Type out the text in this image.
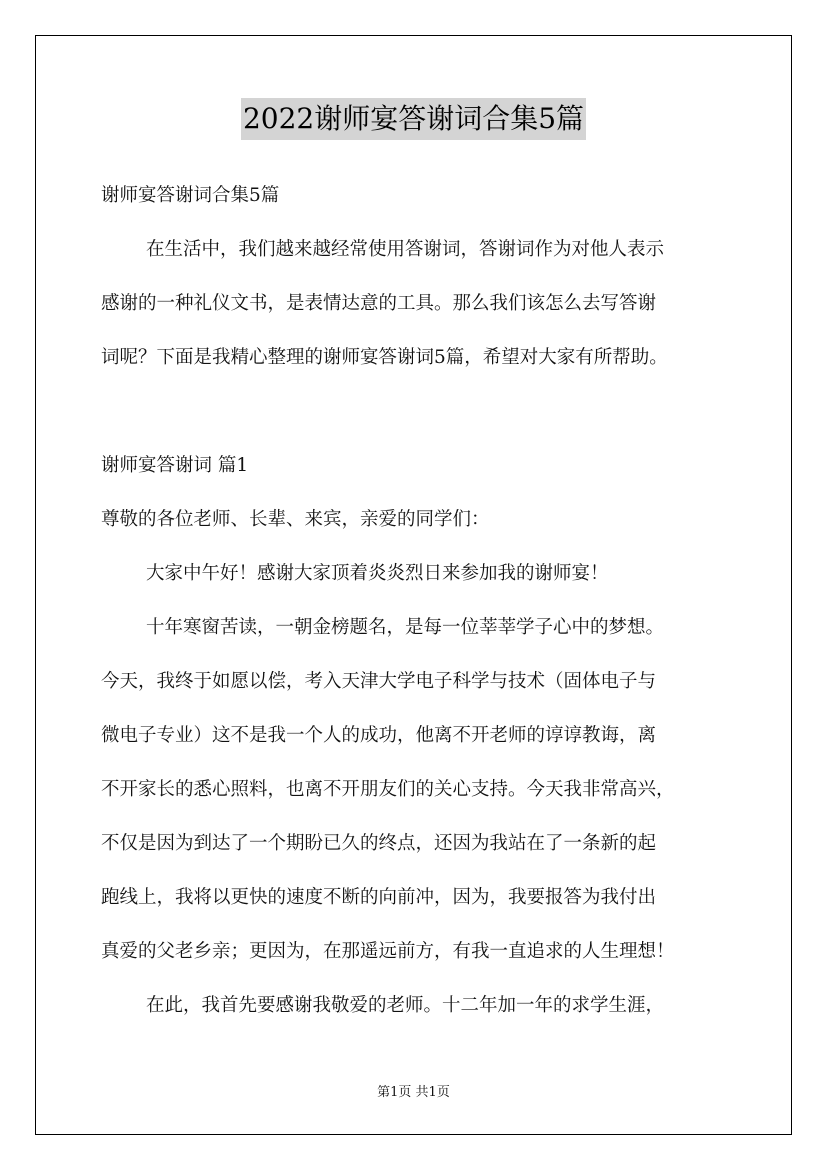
2022谢师宴答谢词合集5篇
谢师宴答谢词合集5篇
在生活中，我们越来越经常使用答谢词，答谢词作为对他人表示
感谢的一种礼仪文书，是表情达意的工具。那么我们该怎么去写答谢
词呢？下面是我精心整理的谢师宴答谢词5篇，希望对大家有所帮助。
谢师宴答谢词 篇1
尊敬的各位老师、长辈、来宾，亲爱的同学们：
大家中午好！感谢大家顶着炎炎烈日来参加我的谢师宴！
十年寒窗苦读，一朝金榜题名，是每一位莘莘学子心中的梦想。
今天，我终于如愿以偿，考入天津大学电子科学与技术（固体电子与
微电子专业）这不是我一个人的成功，他离不开老师的谆谆教诲，离
不开家长的悉心照料，也离不开朋友们的关心支持。今天我非常高兴，
不仅是因为到达了一个期盼已久的终点，还因为我站在了一条新的起
跑线上，我将以更快的速度不断的向前冲，因为，我要报答为我付出
真爱的父老乡亲；更因为，在那遥远前方，有我一直追求的人生理想！
在此，我首先要感谢我敬爱的老师。十二年加一年的求学生涯，
第1页 共1页
